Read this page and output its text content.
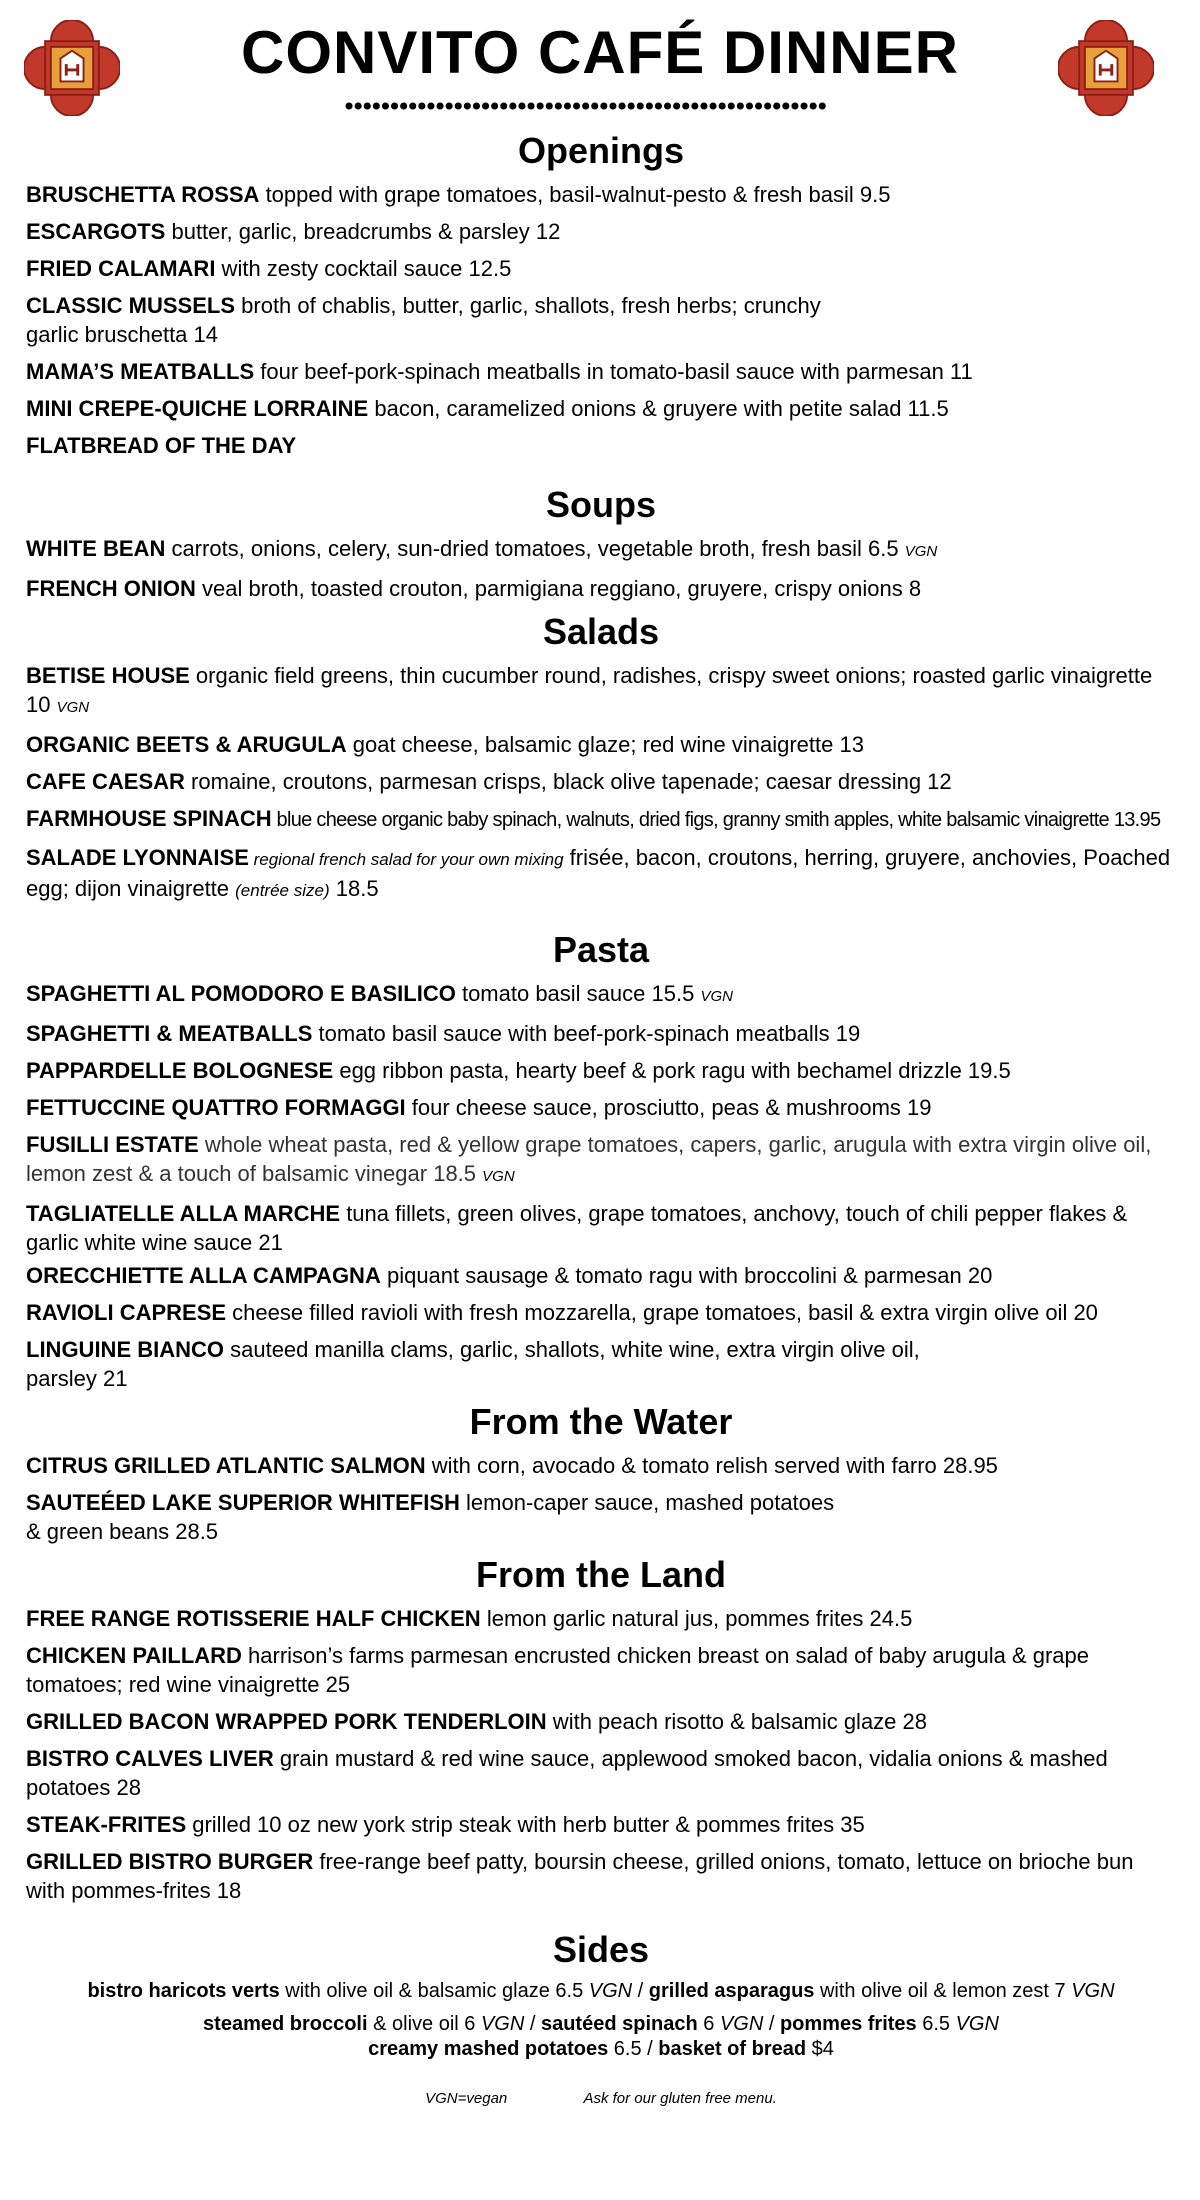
CONVITO CAFÉ DINNER
Openings
BRUSCHETTA ROSSA topped with grape tomatoes, basil-walnut-pesto & fresh basil 9.5
ESCARGOTS butter, garlic, breadcrumbs & parsley 12
FRIED CALAMARI with zesty cocktail sauce 12.5
CLASSIC MUSSELS broth of chablis, butter, garlic, shallots, fresh herbs; crunchy
garlic bruschetta 14
MAMA’S MEATBALLS four beef-pork-spinach meatballs in tomato-basil sauce with parmesan 11
MINI CREPE-QUICHE LORRAINE bacon, caramelized onions & gruyere with petite salad 11.5
FLATBREAD OF THE DAY
Soups
WHITE BEAN carrots, onions, celery, sun-dried tomatoes, vegetable broth, fresh basil 6.5 VGN
FRENCH ONION veal broth, toasted crouton, parmigiana reggiano, gruyere, crispy onions 8
Salads
BETISE HOUSE organic field greens, thin cucumber round, radishes, crispy sweet onions; roasted garlic vinaigrette 10 VGN
ORGANIC BEETS & ARUGULA goat cheese, balsamic glaze; red wine vinaigrette 13
CAFE CAESAR romaine, croutons, parmesan crisps, black olive tapenade; caesar dressing 12
FARMHOUSE SPINACH blue cheese organic baby spinach, walnuts, dried figs, granny smith apples, white balsamic vinaigrette 13.95
SALADE LYONNAISE regional french salad for your own mixing frisée, bacon, croutons, herring, gruyere, anchovies, Poached egg; dijon vinaigrette (entrée size) 18.5
Pasta
SPAGHETTI AL POMODORO E BASILICO tomato basil sauce 15.5 VGN
SPAGHETTI & MEATBALLS tomato basil sauce with beef-pork-spinach meatballs 19
PAPPARDELLE BOLOGNESE egg ribbon pasta, hearty beef & pork ragu with bechamel drizzle 19.5
FETTUCCINE QUATTRO FORMAGGI four cheese sauce, prosciutto, peas & mushrooms 19
FUSILLI ESTATE whole wheat pasta, red & yellow grape tomatoes, capers, garlic, arugula with extra virgin olive oil, lemon zest & a touch of balsamic vinegar 18.5 VGN
TAGLIATELLE ALLA MARCHE tuna fillets, green olives, grape tomatoes, anchovy, touch of chili pepper flakes & garlic white wine sauce 21
ORECCHIETTE ALLA CAMPAGNA piquant sausage & tomato ragu with broccolini & parmesan 20
RAVIOLI CAPRESE cheese filled ravioli with fresh mozzarella, grape tomatoes, basil & extra virgin olive oil 20
LINGUINE BIANCO sauteed manilla clams, garlic, shallots, white wine, extra virgin olive oil,
parsley 21
From the Water
CITRUS GRILLED ATLANTIC SALMON with corn, avocado & tomato relish served with farro 28.95
SAUTEÉED LAKE SUPERIOR WHITEFISH lemon-caper sauce, mashed potatoes
& green beans 28.5
From the Land
FREE RANGE ROTISSERIE HALF CHICKEN lemon garlic natural jus, pommes frites 24.5
CHICKEN PAILLARD harrison’s farms parmesan encrusted chicken breast on salad of baby arugula & grape tomatoes; red wine vinaigrette 25
GRILLED BACON WRAPPED PORK TENDERLOIN with peach risotto & balsamic glaze 28
BISTRO CALVES LIVER grain mustard & red wine sauce, applewood smoked bacon, vidalia onions & mashed potatoes 28
STEAK-FRITES grilled 10 oz new york strip steak with herb butter & pommes frites 35
GRILLED BISTRO BURGER free-range beef patty, boursin cheese, grilled onions, tomato, lettuce on brioche bun with pommes-frites 18
Sides
bistro haricots verts with olive oil & balsamic glaze 6.5 VGN / grilled asparagus with olive oil & lemon zest 7 VGN
steamed broccoli & olive oil 6 VGN / sautéed spinach 6 VGN / pommes frites 6.5 VGN
creamy mashed potatoes 6.5 / basket of bread $4
VGN=vegan	Ask for our gluten free menu.
